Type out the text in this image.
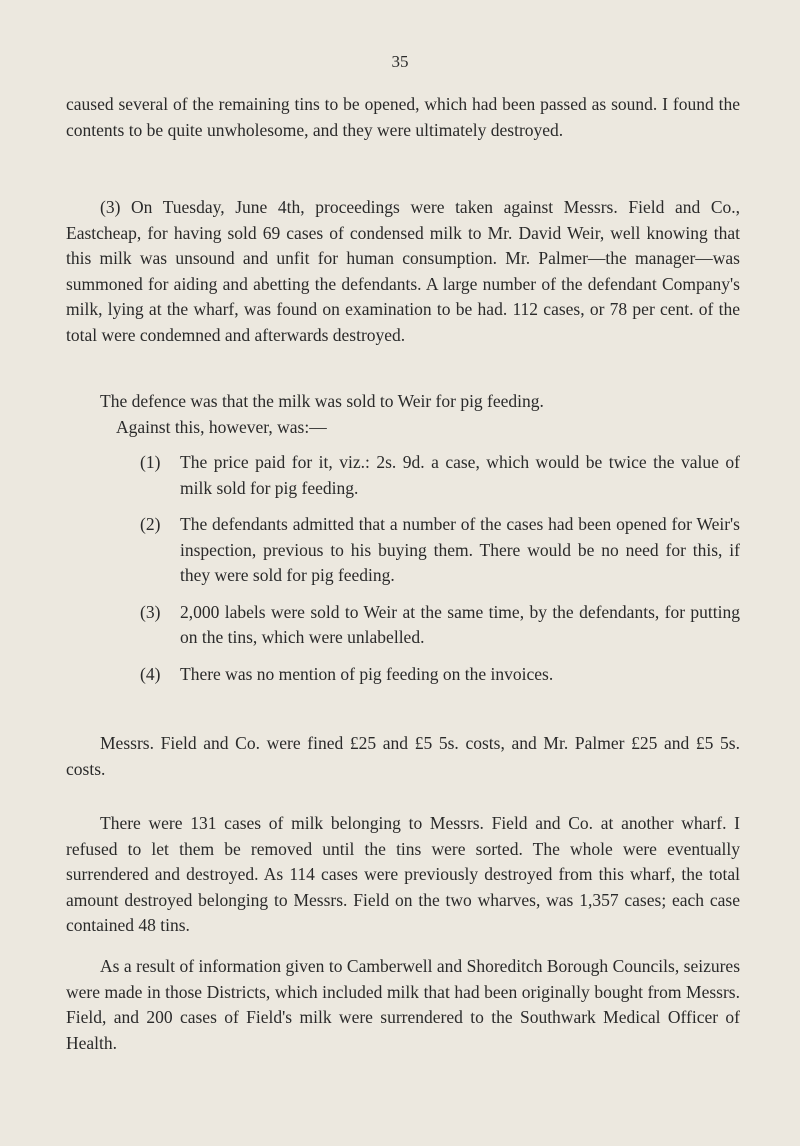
35

caused several of the remaining tins to be opened, which had been passed as sound. I found the contents to be quite unwholesome, and they were ultimately destroyed.

(3) On Tuesday, June 4th, proceedings were taken against Messrs. Field and Co., Eastcheap, for having sold 69 cases of condensed milk to Mr. David Weir, well knowing that this milk was unsound and unfit for human consumption. Mr. Palmer—the manager—was summoned for aiding and abetting the defendants. A large number of the defendant Company's milk, lying at the wharf, was found on examination to be had. 112 cases, or 78 per cent. of the total were condemned and afterwards destroyed.

The defence was that the milk was sold to Weir for pig feeding.

Against this, however, was:—

(1)	The price paid for it, viz.: 2s. 9d. a case, which would be twice the value of milk sold for pig feeding.
(2)	The defendants admitted that a number of the cases had been opened for Weir's inspection, previous to his buying them. There would be no need for this, if they were sold for pig feeding.
(3)	2,000 labels were sold to Weir at the same time, by the defendants, for putting on the tins, which were unlabelled.
(4)	There was no mention of pig feeding on the invoices.

Messrs. Field and Co. were fined £25 and £5 5s. costs, and Mr. Palmer £25 and £5 5s. costs.

There were 131 cases of milk belonging to Messrs. Field and Co. at another wharf. I refused to let them be removed until the tins were sorted. The whole were eventually surrendered and destroyed. As 114 cases were previously destroyed from this wharf, the total amount destroyed belonging to Messrs. Field on the two wharves, was 1,357 cases; each case contained 48 tins.

As a result of information given to Camberwell and Shoreditch Borough Councils, seizures were made in those Districts, which included milk that had been originally bought from Messrs. Field, and 200 cases of Field's milk were surrendered to the Southwark Medical Officer of Health.
